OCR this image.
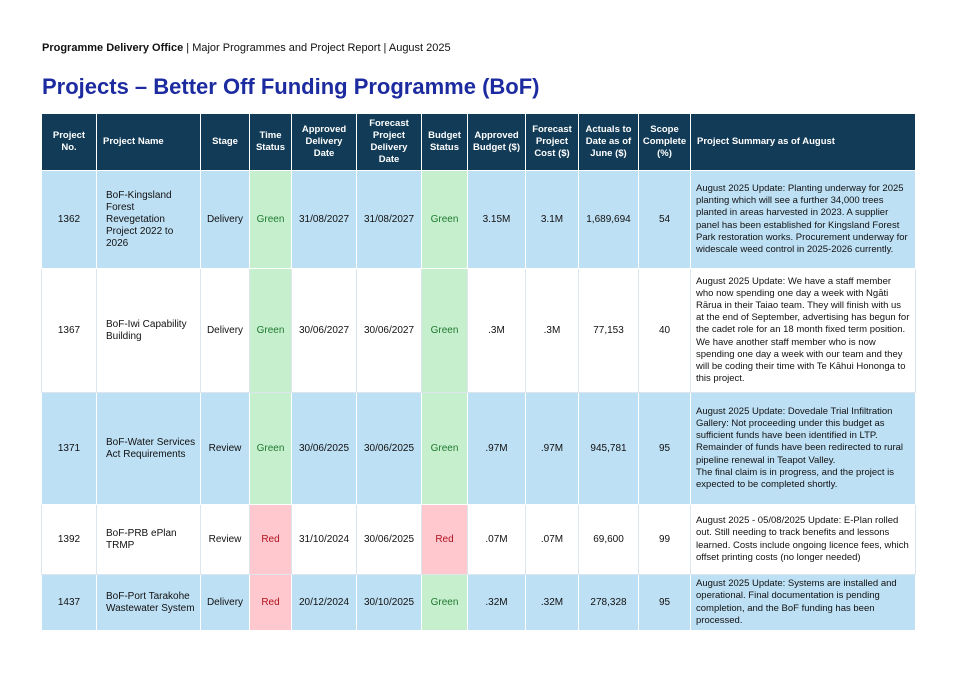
Programme Delivery Office | Major Programmes and Project Report | August 2025
Projects – Better Off Funding Programme (BoF)
Project No.	Project Name	Stage	Time Status	Approved Delivery Date	Forecast Project Delivery Date	Budget Status	Approved Budget ($)	Forecast Project Cost ($)	Actuals to Date as of June ($)	Scope Complete (%)	Project Summary as of August
1362	BoF-Kingsland Forest Revegetation Project 2022 to 2026	Delivery	Green	31/08/2027	31/08/2027	Green	3.15M	3.1M	1,689,694	54	August 2025 Update: Planting underway for 2025 planting which will see a further 34,000 trees planted in areas harvested in 2023. A supplier panel has been established for Kingsland Forest Park restoration works. Procurement underway for widescale weed control in 2025-2026 currently.
1367	BoF-Iwi Capability Building	Delivery	Green	30/06/2027	30/06/2027	Green	.3M	.3M	77,153	40	August 2025 Update: We have a staff member who now spending one day a week with Ngāti Rārua in their Taiao team. They will finish with us at the end of September, advertising has begun for the cadet role for an 18 month fixed term position. We have another staff member who is now spending one day a week with our team and they will be coding their time with Te Kāhui Hononga to this project.
1371	BoF-Water Services Act Requirements	Review	Green	30/06/2025	30/06/2025	Green	.97M	.97M	945,781	95	August 2025 Update: Dovedale Trial Infiltration Gallery: Not proceeding under this budget as sufficient funds have been identified in LTP. Remainder of funds have been redirected to rural pipeline renewal in Teapot Valley.
The final claim is in progress, and the project is expected to be completed shortly.

1392	BoF-PRB ePlan TRMP	Review	Red	31/10/2024	30/06/2025	Red	.07M	.07M	69,600	99	August 2025 - 05/08/2025 Update: E-Plan rolled out. Still needing to track benefits and lessons learned. Costs include ongoing licence fees, which offset printing costs (no longer needed)
1437	BoF-Port Tarakohe Wastewater System	Delivery	Red	20/12/2024	30/10/2025	Green	.32M	.32M	278,328	95	August 2025 Update: Systems are installed and operational. Final documentation is pending completion, and the BoF funding has been processed.
